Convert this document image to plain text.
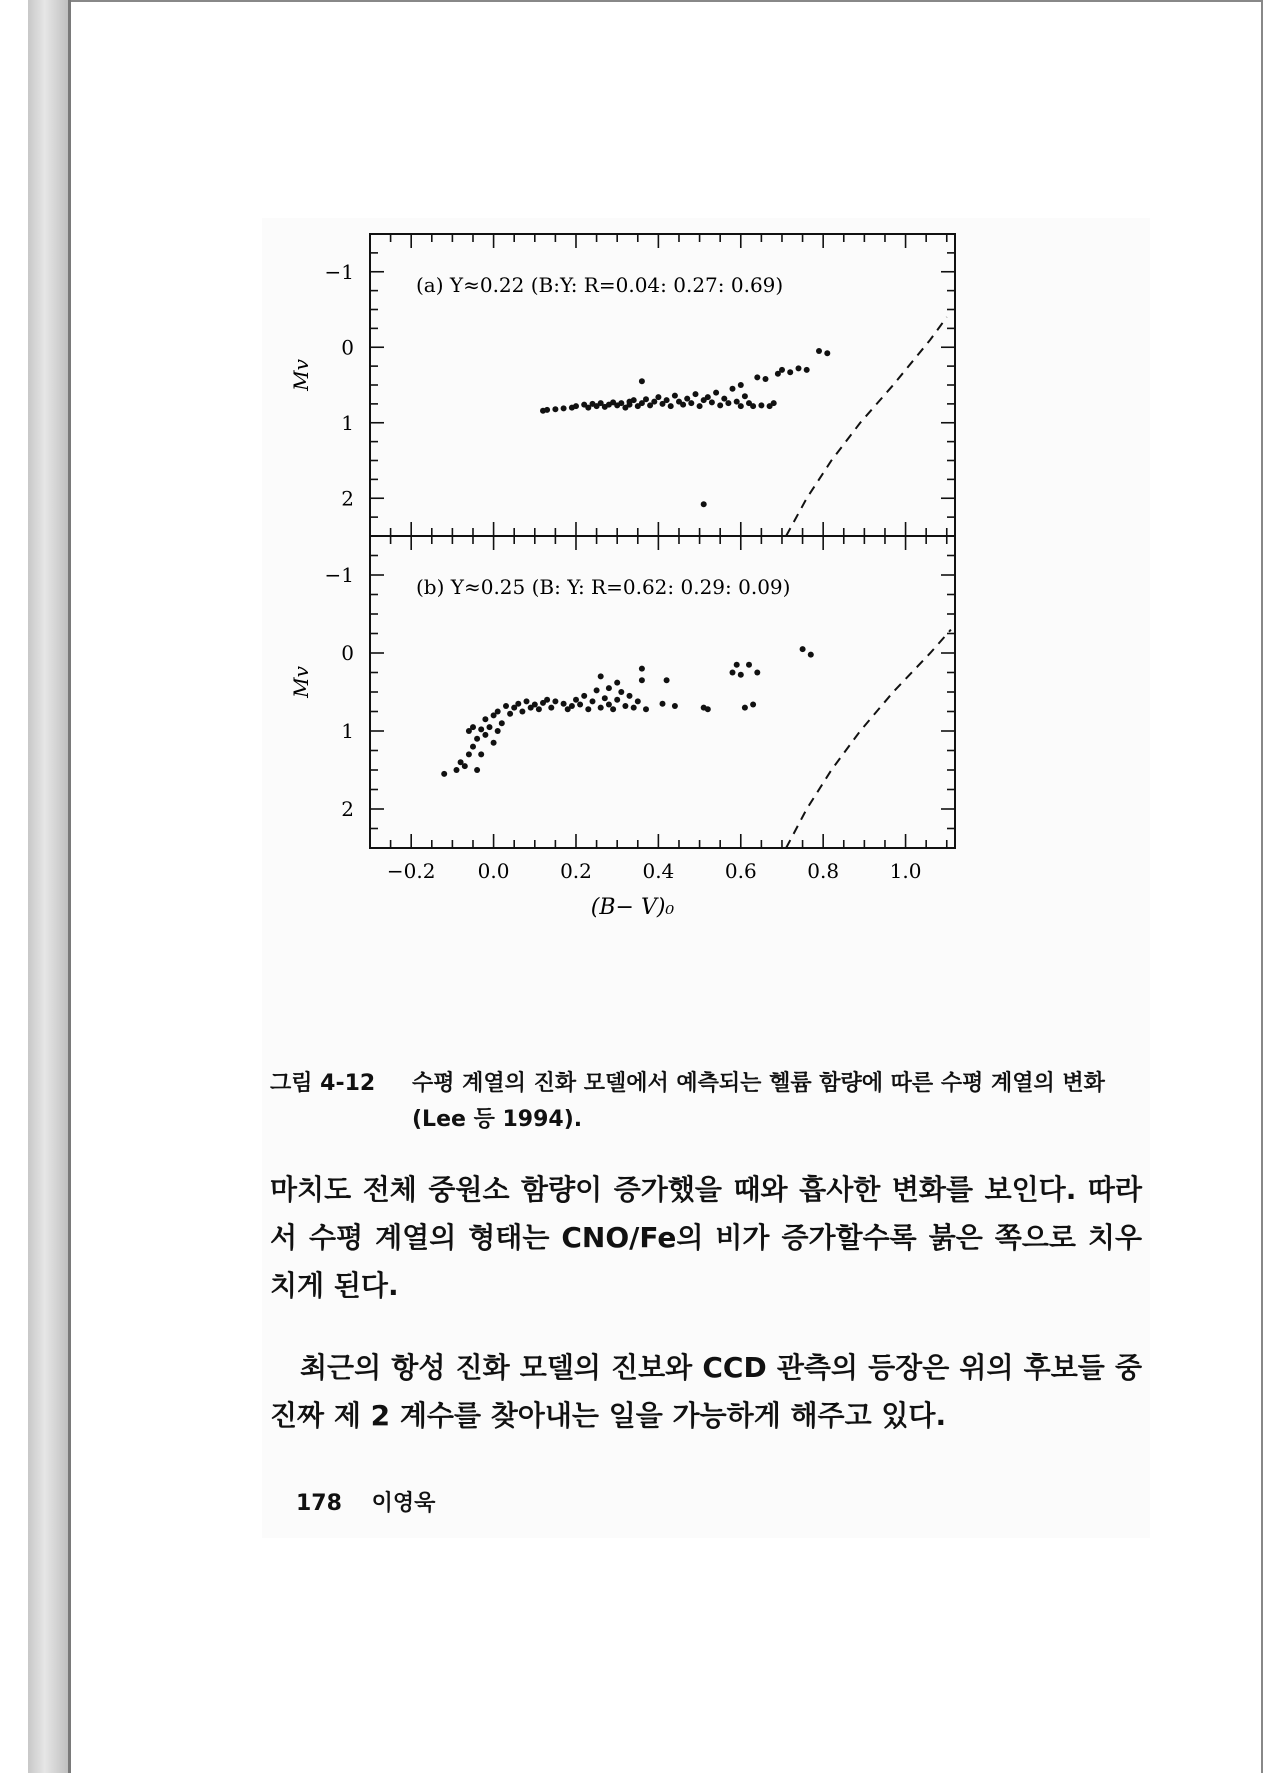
−1
0
1
2
Mv
(a) Y≈0.22 (B:Y: R=0.04: 0.27: 0.69)
−1
0
1
2
Mv
(b) Y≈0.25 (B: Y: R=0.62: 0.29: 0.09)
−0.2 0.0	0.2	0.4	0.6	0.8	1.0
(B− V)₀
그림 4-12	수평 계열의 진화 모델에서 예측되는 헬륨 함량에 따른 수평 계열의 변화(Lee 등 1994).
마치도 전체 중원소 함량이 증가했을 때와 흡사한 변화를 보인다. 따라서 수평 계열의 형태는 CNO/Fe의 비가 증가할수록 붉은 쪽으로 치우치게 된다.
최근의 항성 진화 모델의 진보와 CCD 관측의 등장은 위의 후보들 중 진짜 제 2 계수를 찾아내는 일을 가능하게 해주고 있다.
178 이영욱
